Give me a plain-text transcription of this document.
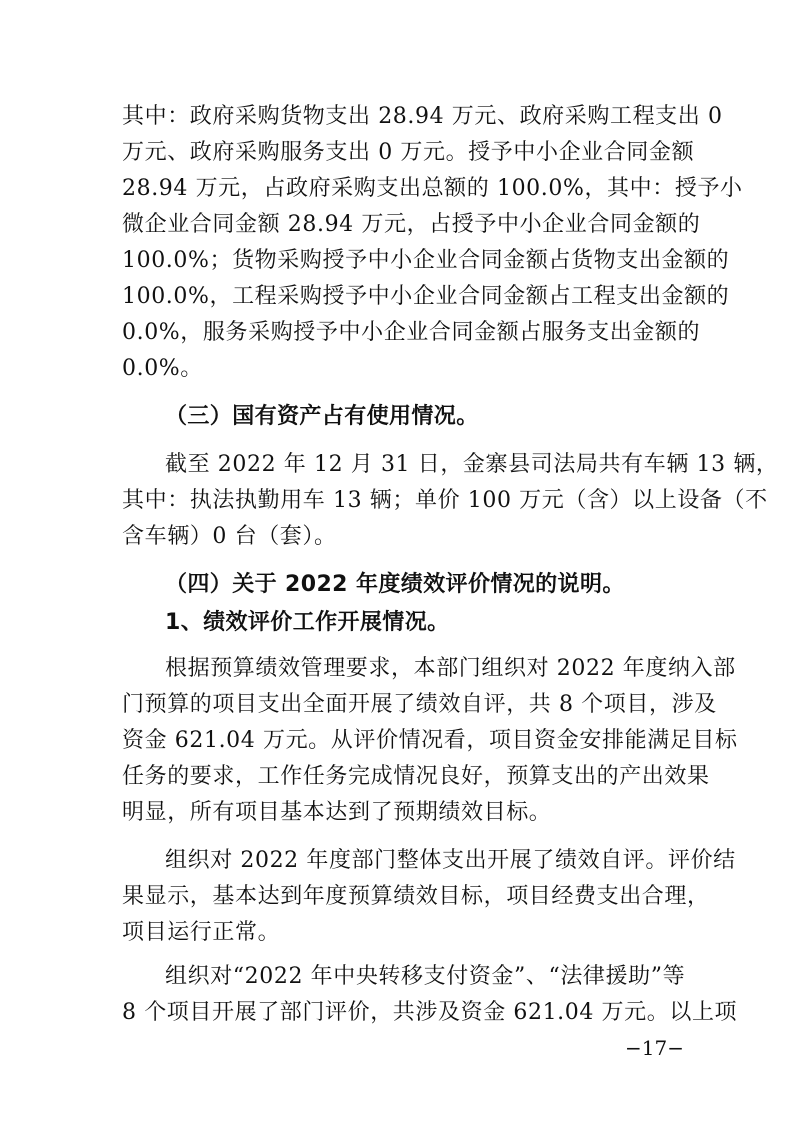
其中：政府采购货物支出 28.94 万元、政府采购工程支出 0
万元、政府采购服务支出 0 万元。授予中小企业合同金额
28.94 万元，占政府采购支出总额的 100.0%，其中：授予小
微企业合同金额 28.94 万元，占授予中小企业合同金额的
100.0%；货物采购授予中小企业合同金额占货物支出金额的
100.0%，工程采购授予中小企业合同金额占工程支出金额的
0.0%，服务采购授予中小企业合同金额占服务支出金额的
0.0%。
（三）国有资产占有使用情况。
截至 2022 年 12 月 31 日，金寨县司法局共有车辆 13 辆，
其中：执法执勤用车 13 辆；单价 100 万元（含）以上设备（不
含车辆）0 台（套）。
（四）关于 2022 年度绩效评价情况的说明。
1、绩效评价工作开展情况。
根据预算绩效管理要求，本部门组织对 2022 年度纳入部
门预算的项目支出全面开展了绩效自评，共 8 个项目，涉及
资金 621.04 万元。从评价情况看，项目资金安排能满足目标
任务的要求，工作任务完成情况良好，预算支出的产出效果
明显，所有项目基本达到了预期绩效目标。
组织对 2022 年度部门整体支出开展了绩效自评。评价结
果显示，基本达到年度预算绩效目标，项目经费支出合理，
项目运行正常。
组织对“2022 年中央转移支付资金”、“法律援助”等
8 个项目开展了部门评价，共涉及资金 621.04 万元。以上项
−17−
